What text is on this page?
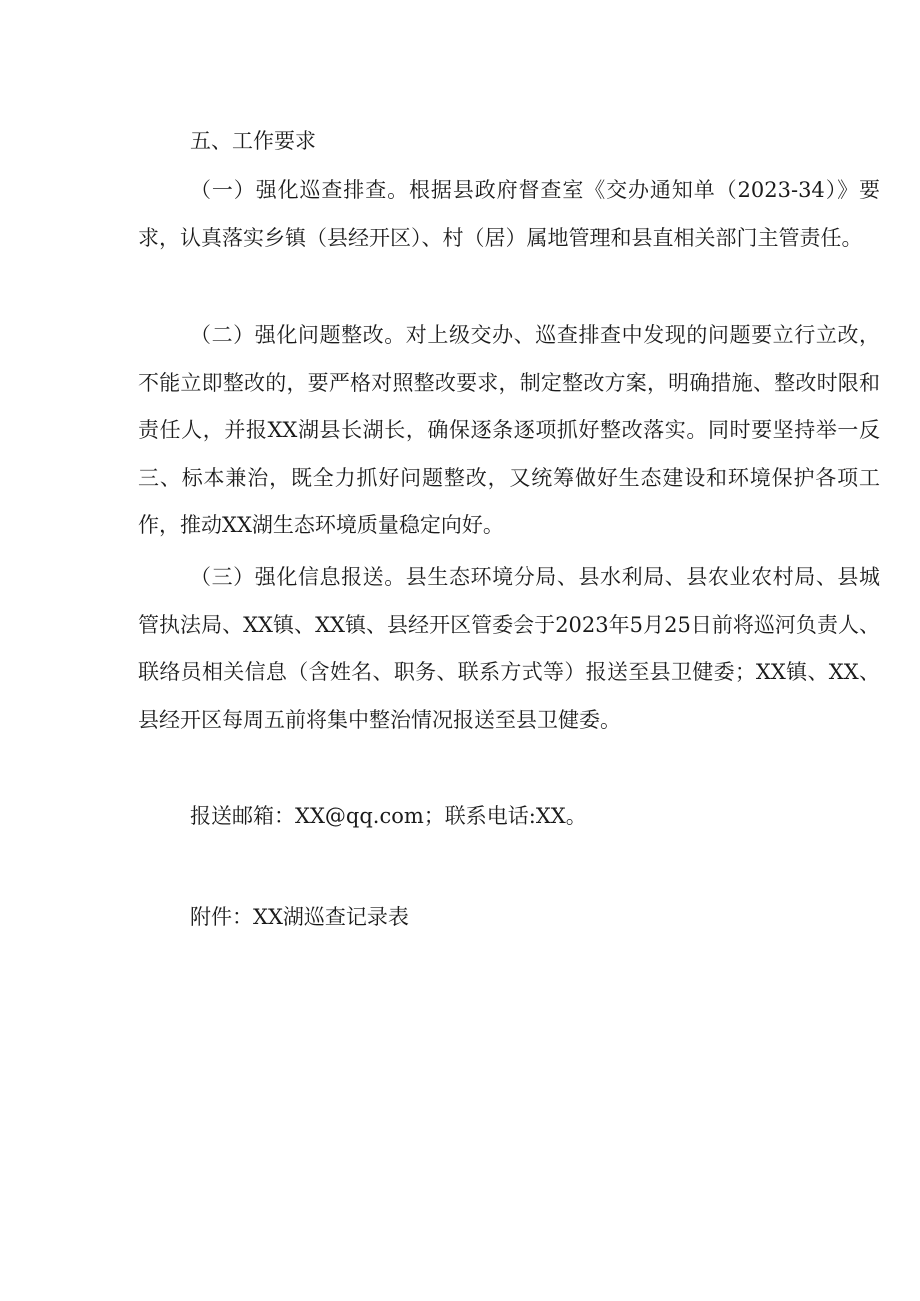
五、工作要求

（一）强化巡查排查。根据县政府督查室《交办通知单（2023-34）》要求，认真落实乡镇（县经开区）、村（居）属地管理和县直相关部门主管责任。

（二）强化问题整改。对上级交办、巡查排查中发现的问题要立行立改，不能立即整改的，要严格对照整改要求，制定整改方案，明确措施、整改时限和责任人，并报XX湖县长湖长，确保逐条逐项抓好整改落实。同时要坚持举一反三、标本兼治，既全力抓好问题整改，又统筹做好生态建设和环境保护各项工作，推动XX湖生态环境质量稳定向好。

（三）强化信息报送。县生态环境分局、县水利局、县农业农村局、县城管执法局、XX镇、XX镇、县经开区管委会于2023年5月25日前将巡河负责人、联络员相关信息（含姓名、职务、联系方式等）报送至县卫健委；XX镇、XX、县经开区每周五前将集中整治情况报送至县卫健委。

报送邮箱：XX@qq.com；联系电话:XX。
附件：XX湖巡查记录表
